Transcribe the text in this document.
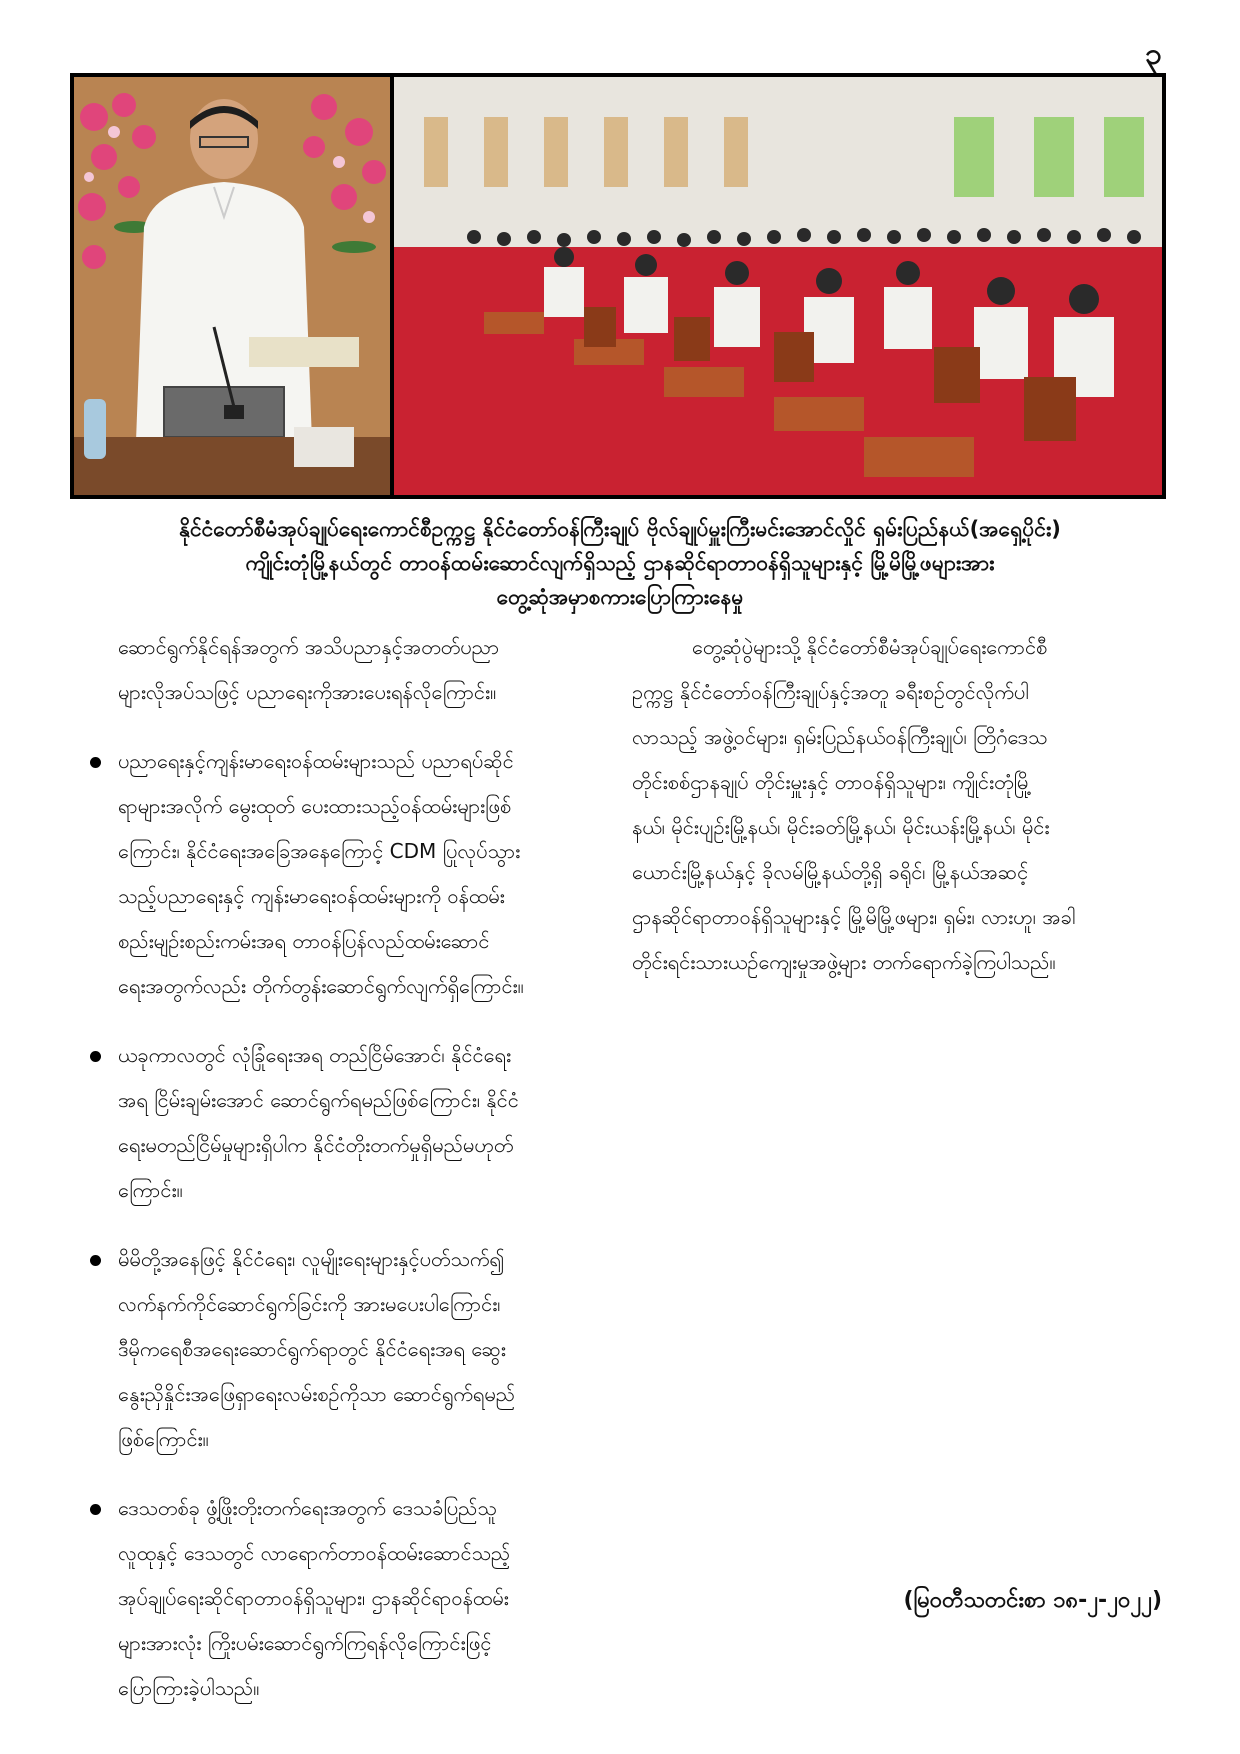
၃
နိုင်ငံတော်စီမံအုပ်ချုပ်ရေးကောင်စီဥက္ကဋ္ဌ နိုင်ငံတော်ဝန်ကြီးချုပ် ဗိုလ်ချုပ်မှူးကြီးမင်းအောင်လှိုင် ရှမ်းပြည်နယ်(အရှေ့ပိုင်း)
ကျိုင်းတုံမြို့နယ်တွင် တာဝန်ထမ်းဆောင်လျက်ရှိသည့် ဌာနဆိုင်ရာတာဝန်ရှိသူများနှင့် မြို့မိမြို့ဖများအား
တွေ့ဆုံအမှာစကားပြောကြားနေမှု
ဆောင်ရွက်နိုင်ရန်အတွက် အသိပညာနှင့်အတတ်ပညာ
များလိုအပ်သဖြင့် ပညာရေးကိုအားပေးရန်လိုကြောင်း။
ပညာရေးနှင့်ကျန်းမာရေးဝန်ထမ်းများသည် ပညာရပ်ဆိုင်
ရာများအလိုက် မွေးထုတ် ပေးထားသည့်ဝန်ထမ်းများဖြစ်
ကြောင်း၊ နိုင်ငံရေးအခြေအနေကြောင့် CDM ပြုလုပ်သွား
သည့်ပညာရေးနှင့် ကျန်းမာရေးဝန်ထမ်းများကို ဝန်ထမ်း
စည်းမျဉ်းစည်းကမ်းအရ တာဝန်ပြန်လည်ထမ်းဆောင်
ရေးအတွက်လည်း တိုက်တွန်းဆောင်ရွက်လျက်ရှိကြောင်း။
ယခုကာလတွင် လုံခြုံရေးအရ တည်ငြိမ်အောင်၊ နိုင်ငံရေး
အရ ငြိမ်းချမ်းအောင် ဆောင်ရွက်ရမည်ဖြစ်ကြောင်း၊ နိုင်ငံ
ရေးမတည်ငြိမ်မှုများရှိပါက နိုင်ငံတိုးတက်မှုရှိမည်မဟုတ်
ကြောင်း။
မိမိတို့အနေဖြင့် နိုင်ငံရေး၊ လူမျိုးရေးများနှင့်ပတ်သက်၍
လက်နက်ကိုင်ဆောင်ရွက်ခြင်းကို အားမပေးပါကြောင်း၊
ဒီမိုကရေစီအရေးဆောင်ရွက်ရာတွင် နိုင်ငံရေးအရ ဆွေး
နွေးညှိနှိုင်းအဖြေရှာရေးလမ်းစဉ်ကိုသာ ဆောင်ရွက်ရမည်
ဖြစ်ကြောင်း။
ဒေသတစ်ခု ဖွံ့ဖြိုးတိုးတက်ရေးအတွက် ဒေသခံပြည်သူ
လူထုနှင့် ဒေသတွင် လာရောက်တာဝန်ထမ်းဆောင်သည့်
အုပ်ချုပ်ရေးဆိုင်ရာတာဝန်ရှိသူများ၊ ဌာနဆိုင်ရာဝန်ထမ်း
များအားလုံး ကြိုးပမ်းဆောင်ရွက်ကြရန်လိုကြောင်းဖြင့်
ပြောကြားခဲ့ပါသည်။
တွေ့ဆုံပွဲများသို့ နိုင်ငံတော်စီမံအုပ်ချုပ်ရေးကောင်စီ
ဥက္ကဋ္ဌ နိုင်ငံတော်ဝန်ကြီးချုပ်နှင့်အတူ ခရီးစဉ်တွင်လိုက်ပါ
လာသည့် အဖွဲ့ဝင်များ၊ ရှမ်းပြည်နယ်ဝန်ကြီးချုပ်၊ တြိဂံဒေသ
တိုင်းစစ်ဌာနချုပ် တိုင်းမှူးနှင့် တာဝန်ရှိသူများ၊ ကျိုင်းတုံမြို့
နယ်၊ မိုင်းပျဉ်းမြို့နယ်၊ မိုင်းခတ်မြို့နယ်၊ မိုင်းယန်းမြို့နယ်၊ မိုင်း
ယောင်းမြို့နယ်နှင့် ခိုလမ်မြို့နယ်တို့ရှိ ခရိုင်၊ မြို့နယ်အဆင့်
ဌာနဆိုင်ရာတာဝန်ရှိသူများနှင့် မြို့မိမြို့ဖများ၊ ရှမ်း၊ လားဟူ၊ အခါ
တိုင်းရင်းသားယဉ်ကျေးမှုအဖွဲ့များ တက်ရောက်ခဲ့ကြပါသည်။
(မြဝတီသတင်းစာ ၁၈-၂-၂၀၂၂)
